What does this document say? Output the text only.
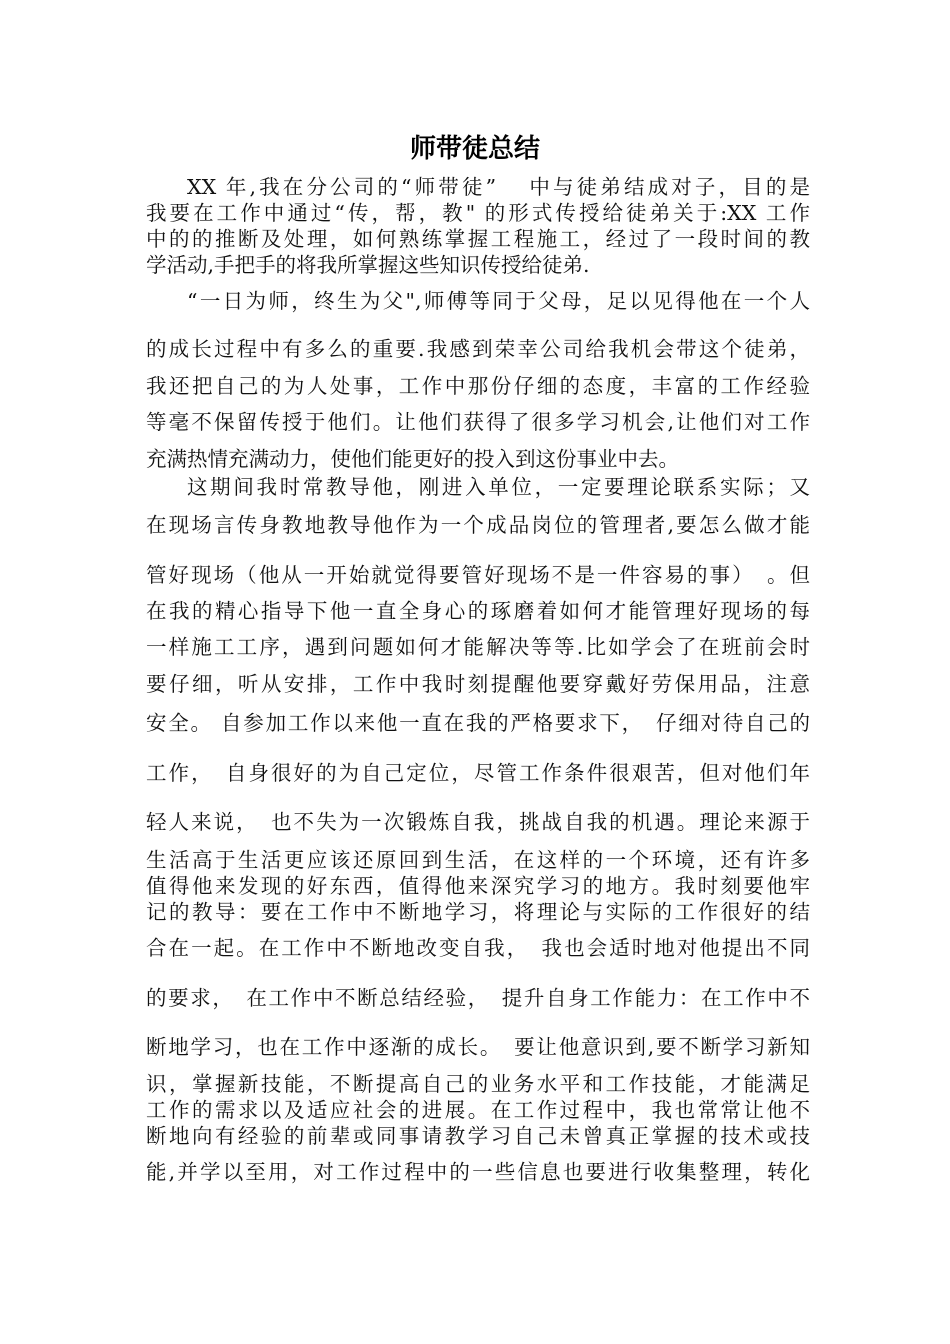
师带徒总结
XX 年,我在分公司的“师带徒” 　中与徒弟结成对子，目的是
我要在工作中通过“传，帮，教" 的形式传授给徒弟关于:XX 工作
中的的推断及处理，如何熟练掌握工程施工，经过了一段时间的教
学活动,手把手的将我所掌握这些知识传授给徒弟.
“一日为师，终生为父",师傅等同于父母，足以见得他在一个人
的成长过程中有多么的重要.我感到荣幸公司给我机会带这个徒弟，
我还把自己的为人处事，工作中那份仔细的态度，丰富的工作经验
等毫不保留传授于他们。让他们获得了很多学习机会,让他们对工作
充满热情充满动力，使他们能更好的投入到这份事业中去。
这期间我时常教导他，刚进入单位，一定要理论联系实际；又
在现场言传身教地教导他作为一个成品岗位的管理者,要怎么做才能
管好现场（他从一开始就觉得要管好现场不是一件容易的事）　。但
在我的精心指导下他一直全身心的琢磨着如何才能管理好现场的每
一样施工工序，遇到问题如何才能解决等等.比如学会了在班前会时
要仔细，听从安排，工作中我时刻提醒他要穿戴好劳保用品，注意
安全。 自参加工作以来他一直在我的严格要求下，　仔细对待自己的
工作，　自身很好的为自己定位，尽管工作条件很艰苦，但对他们年
轻人来说，　也不失为一次锻炼自我，挑战自我的机遇。理论来源于
生活高于生活更应该还原回到生活，在这样的一个环境，还有许多
值得他来发现的好东西，值得他来深究学习的地方。我时刻要他牢
记的教导：要在工作中不断地学习，将理论与实际的工作很好的结
合在一起。在工作中不断地改变自我，　我也会适时地对他提出不同
的要求，　在工作中不断总结经验，　提升自身工作能力：在工作中不
断地学习，也在工作中逐渐的成长。　要让他意识到,要不断学习新知
识，掌握新技能，不断提高自己的业务水平和工作技能，才能满足
工作的需求以及适应社会的进展。在工作过程中，我也常常让他不
断地向有经验的前辈或同事请教学习自己未曾真正掌握的技术或技
能,并学以至用，对工作过程中的一些信息也要进行收集整理，转化
